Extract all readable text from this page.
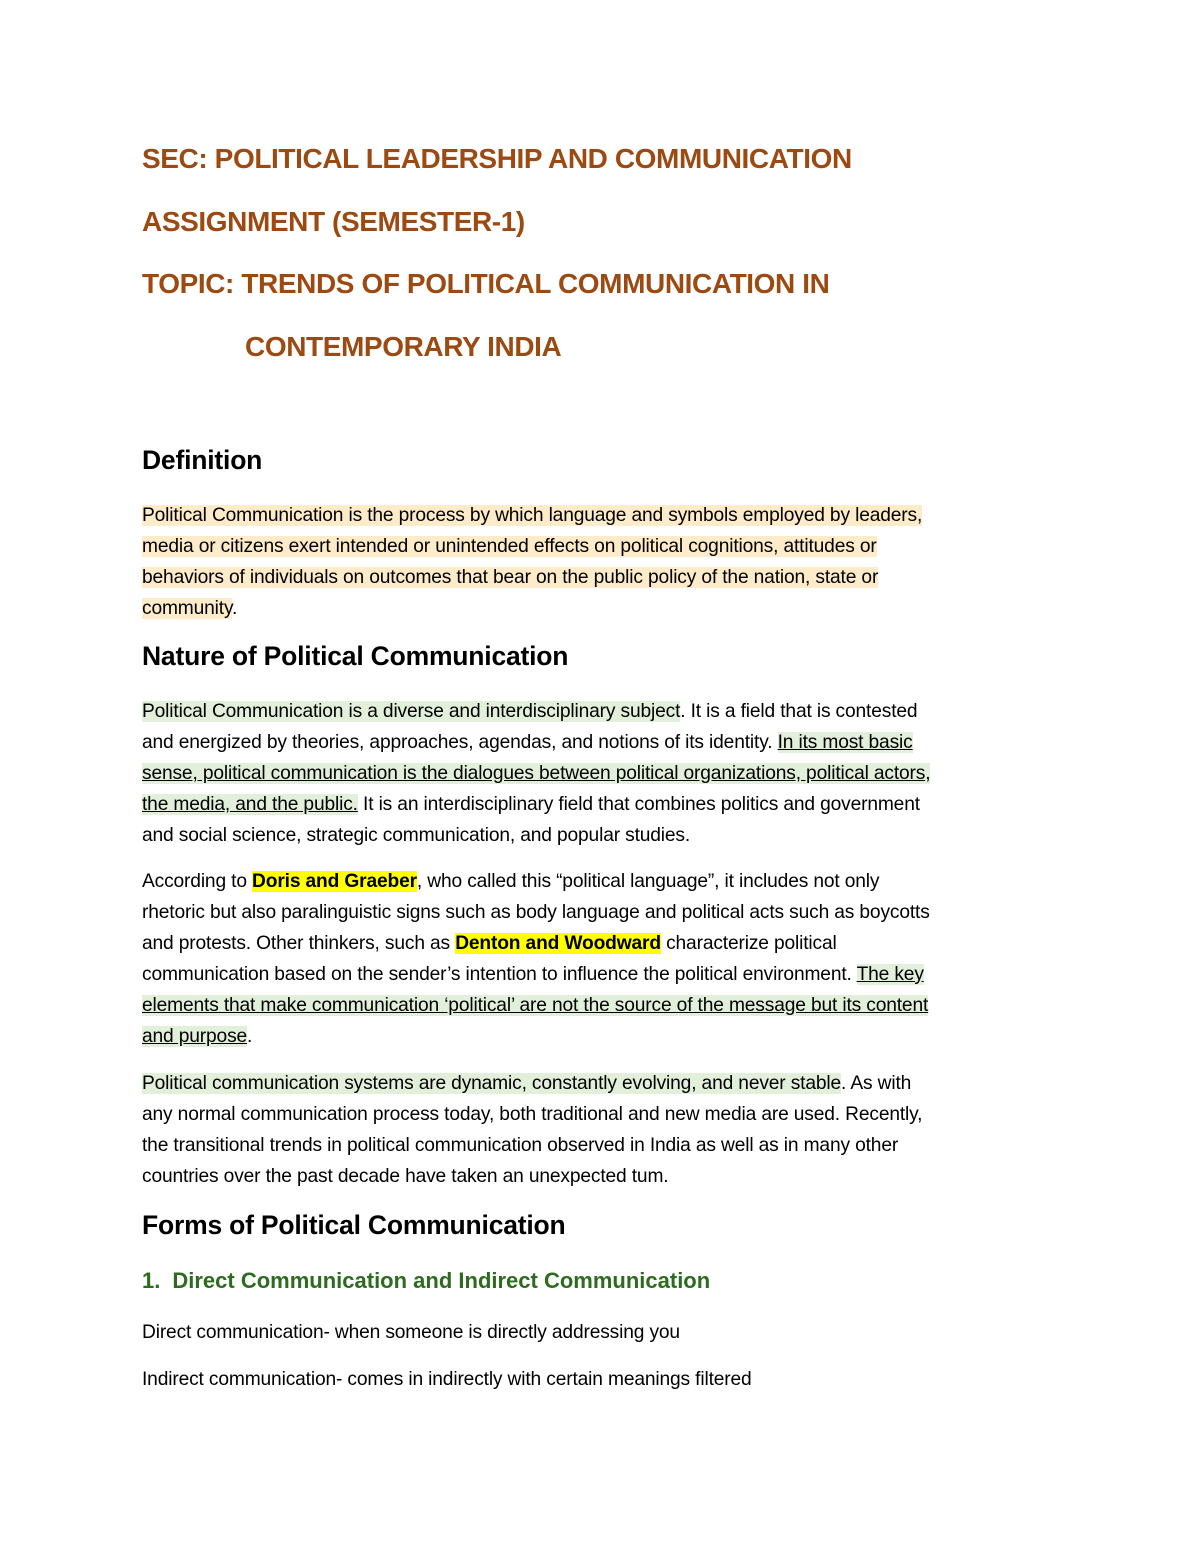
SEC: POLITICAL LEADERSHIP AND COMMUNICATION
ASSIGNMENT (SEMESTER-1)
TOPIC: TRENDS OF POLITICAL COMMUNICATION IN
CONTEMPORARY INDIA
Definition
Political Communication is the process by which language and symbols employed by leaders,
media or citizens exert intended or unintended effects on political cognitions, attitudes or
behaviors of individuals on outcomes that bear on the public policy of the nation, state or
community.
Nature of Political Communication
Political Communication is a diverse and interdisciplinary subject. It is a field that is contested
and energized by theories, approaches, agendas, and notions of its identity. In its most basic
sense, political communication is the dialogues between political organizations, political actors,
the media, and the public. It is an interdisciplinary field that combines politics and government
and social science, strategic communication, and popular studies.
According to Doris and Graeber, who called this “political language”, it includes not only
rhetoric but also paralinguistic signs such as body language and political acts such as boycotts
and protests. Other thinkers, such as Denton and Woodward characterize political
communication based on the sender’s intention to influence the political environment. The key
elements that make communication ‘political’ are not the source of the message but its content
and purpose.
Political communication systems are dynamic, constantly evolving, and never stable. As with
any normal communication process today, both traditional and new media are used. Recently,
the transitional trends in political communication observed in India as well as in many other
countries over the past decade have taken an unexpected tum.
Forms of Political Communication
1. Direct Communication and Indirect Communication

Direct communication- when someone is directly addressing you

Indirect communication- comes in indirectly with certain meanings filtered
